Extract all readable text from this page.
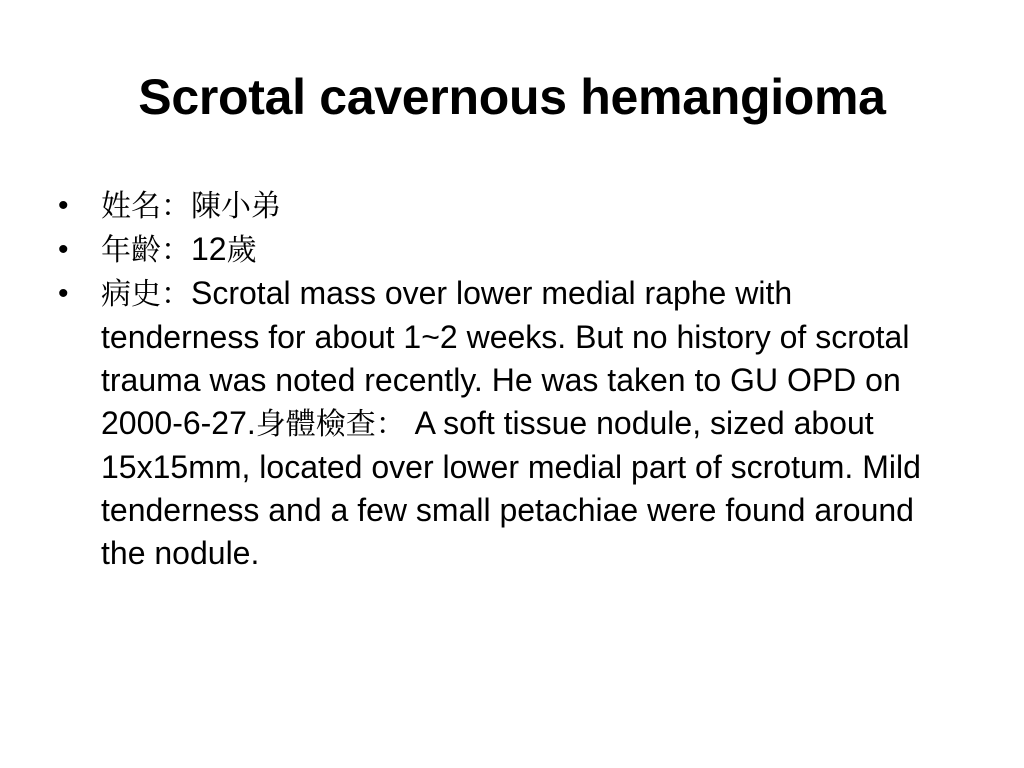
Scrotal cavernous hemangioma
•	姓名：陳小弟
•	年齡：12歲
•	病史：Scrotal mass over lower medial raphe with tenderness for about 1~2 weeks. But no history of scrotal trauma was noted recently. He was taken to GU OPD on 2000-6-27.身體檢查： A soft tissue nodule, sized about 15x15mm, located over lower medial part of scrotum. Mild tenderness and a few small petachiae were found around the nodule.
